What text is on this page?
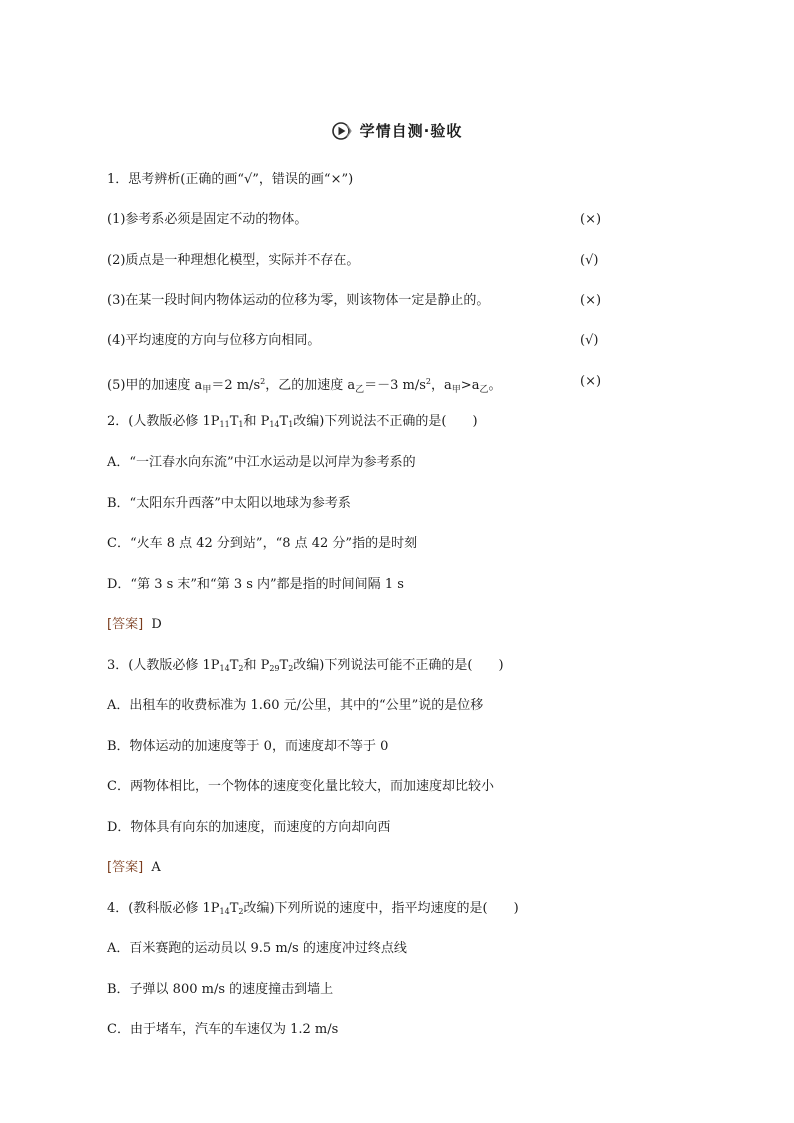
学情自测·验收
1．思考辨析(正确的画“√”，错误的画“×”)
(1)参考系必须是固定不动的物体。	(×)
(2)质点是一种理想化模型，实际并不存在。	(√)
(3)在某一段时间内物体运动的位移为零，则该物体一定是静止的。	(×)
(4)平均速度的方向与位移方向相同。	(√)
(5)甲的加速度 $a_甲=2$ $m/s^2$，乙的加速度 $a_乙=-3$ $m/s^2$，$a_甲>a_乙$。	(×)
2．(人教版必修 $1P_{11}T_1$和 $P_{14}T_1$改编)下列说法不正确的是(　　)
A．“一江春水向东流”中江水运动是以河岸为参考系的
B．“太阳东升西落”中太阳以地球为参考系
C．“火车 8 点 42 分到站”，“8 点 42 分”指的是时刻
D．“第 3 s 末”和“第 3 s 内”都是指的时间间隔 1 s
[答案] D
3．(人教版必修 $1P_{14}T_2$和 $P_{29}T_2$改编)下列说法可能不正确的是(　　)
A．出租车的收费标准为 1.60 元/公里，其中的“公里”说的是位移
B．物体运动的加速度等于 0，而速度却不等于 0
C．两物体相比，一个物体的速度变化量比较大，而加速度却比较小
D．物体具有向东的加速度，而速度的方向却向西
[答案] A
4．(教科版必修 $1P_{14}T_2$改编)下列所说的速度中，指平均速度的是(　　)
A．百米赛跑的运动员以 9.5 m/s 的速度冲过终点线
B．子弹以 800 m/s 的速度撞击到墙上
C．由于堵车，汽车的车速仅为 1.2 m/s
